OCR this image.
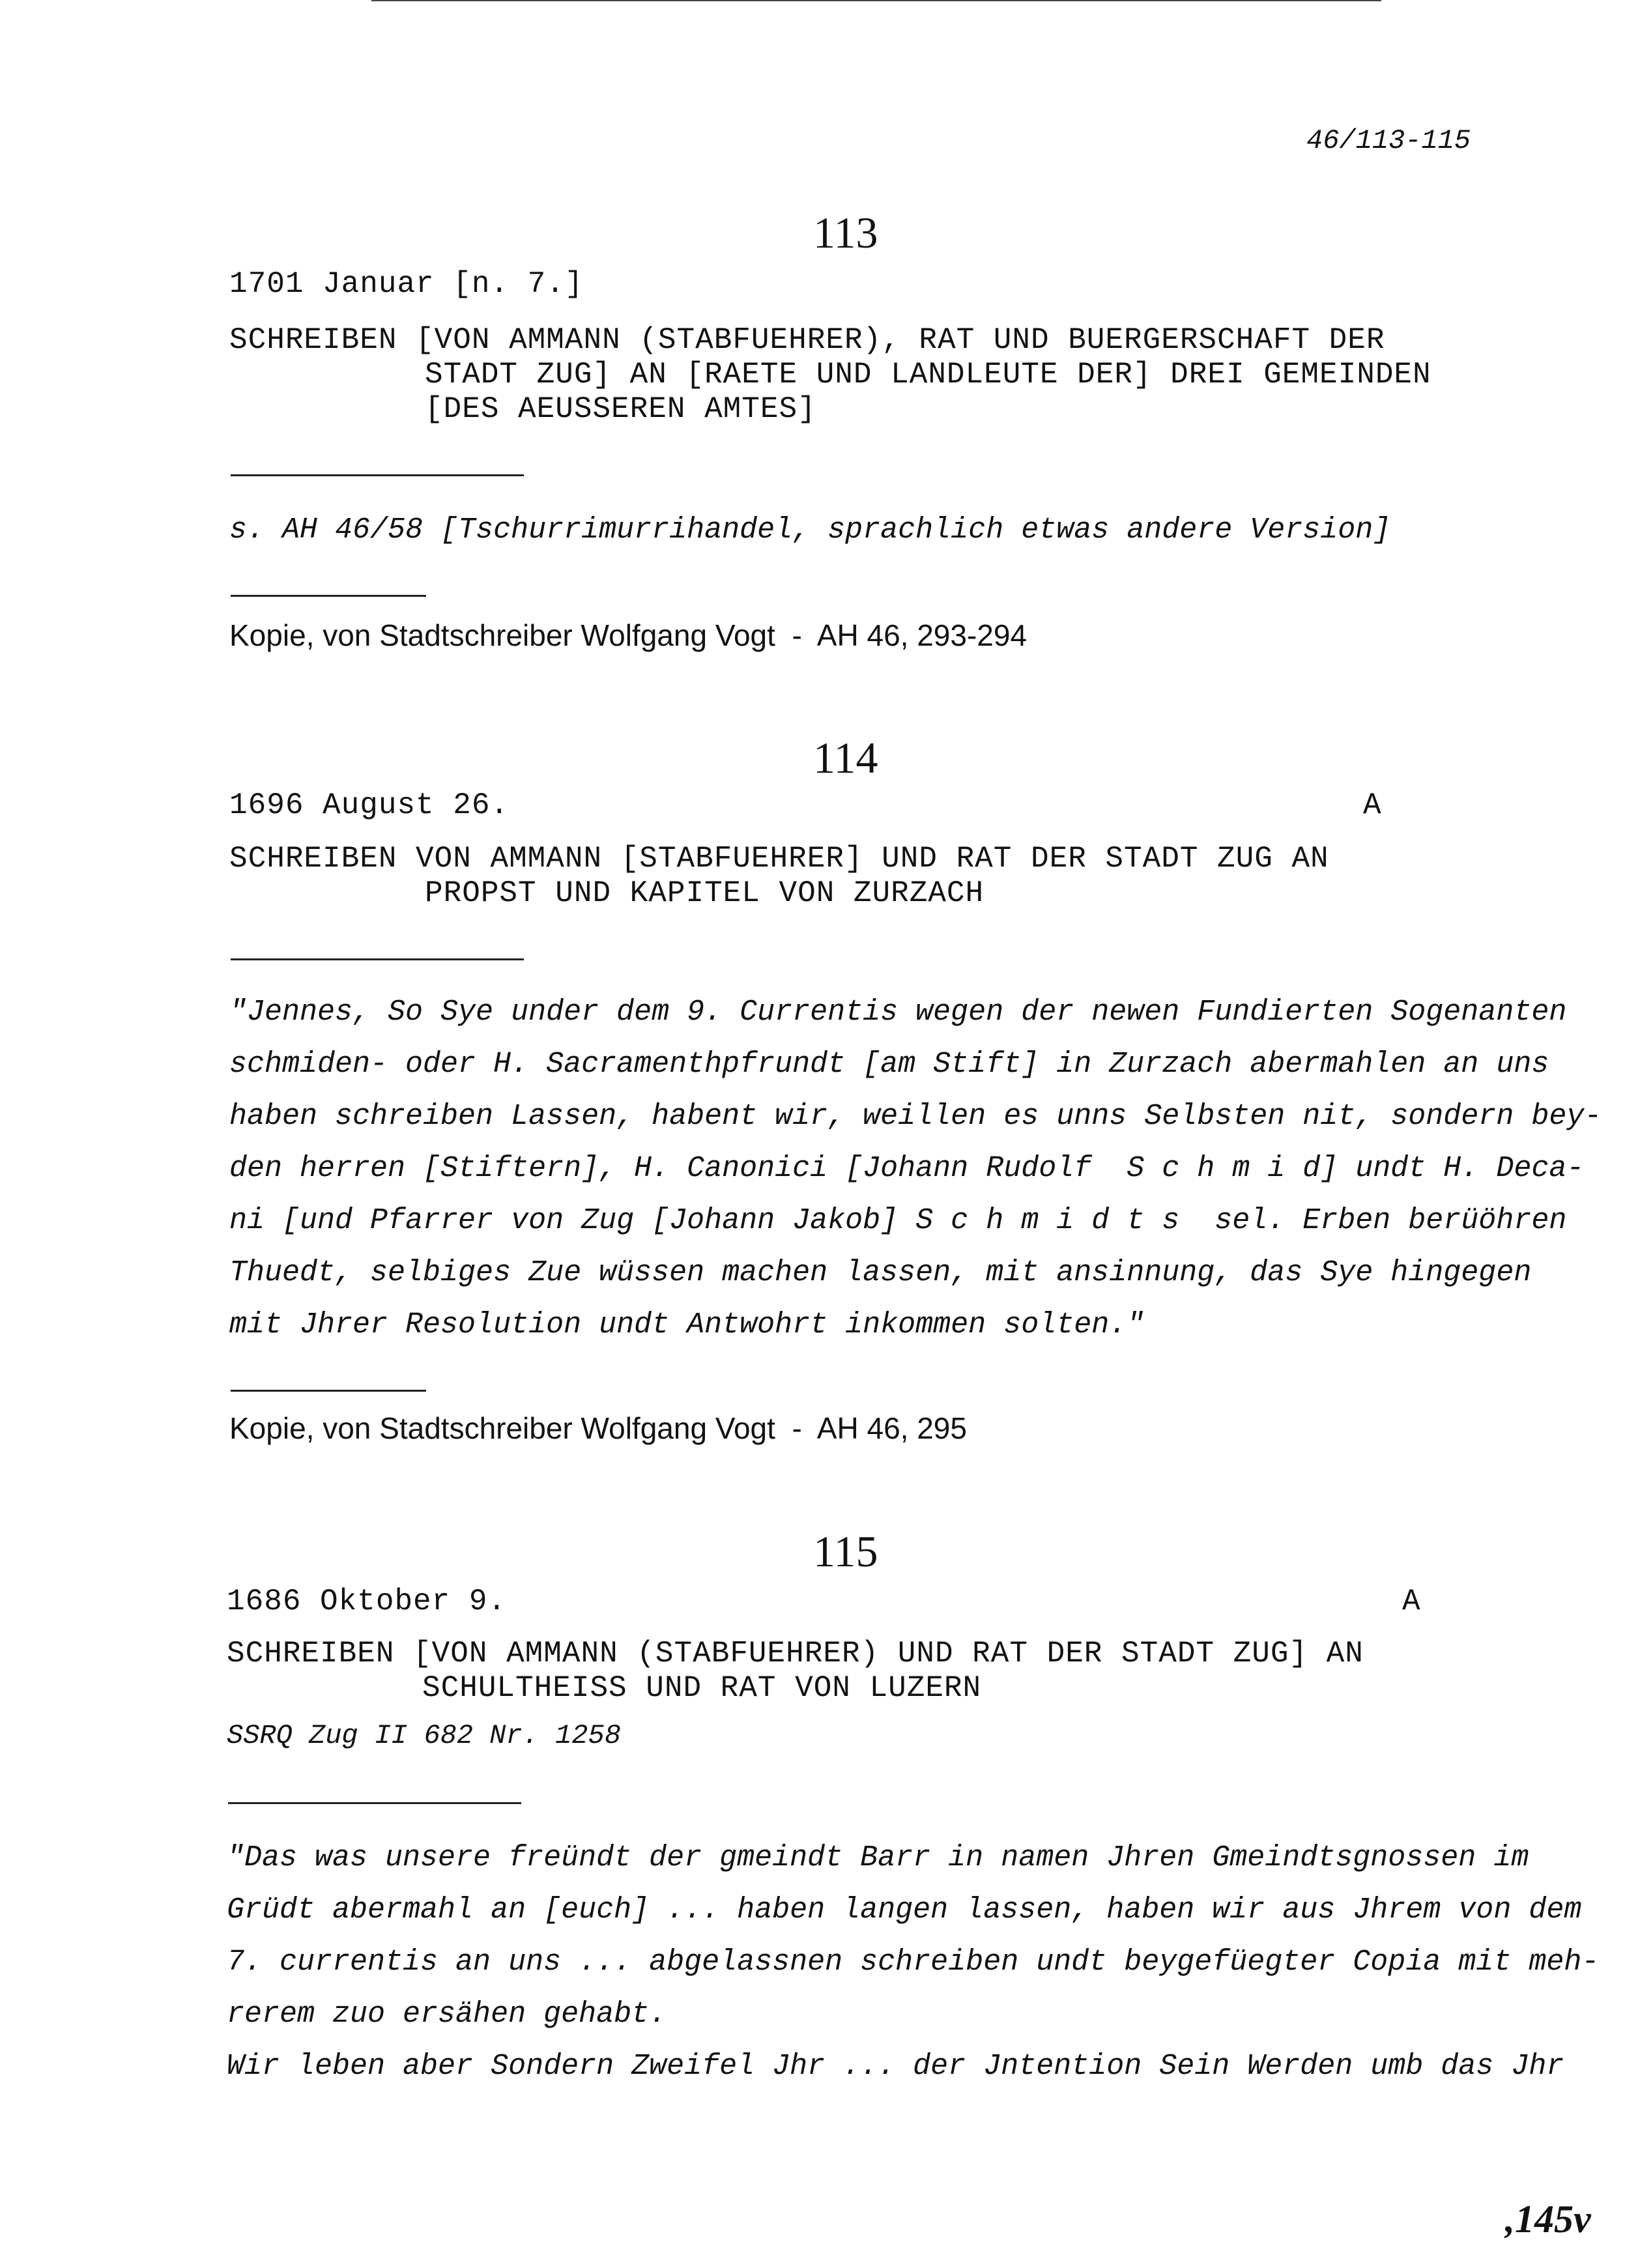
46/113-115
113
1701 Januar [n. 7.]
SCHREIBEN [VON AMMANN (STABFUEHRER), RAT UND BUERGERSCHAFT DER
STADT ZUG] AN [RAETE UND LANDLEUTE DER] DREI GEMEINDEN
[DES AEUSSEREN AMTES]
s. AH 46/58 [Tschurrimurrihandel, sprachlich etwas andere Version]
Kopie, von Stadtschreiber Wolfgang Vogt  -  AH 46, 293-294
114
1696 August 26.	A
SCHREIBEN VON AMMANN [STABFUEHRER] UND RAT DER STADT ZUG AN
PROPST UND KAPITEL VON ZURZACH
"Jennes, So Sye under dem 9. Currentis wegen der newen Fundierten Sogenanten
schmiden- oder H. Sacramenthpfrundt [am Stift] in Zurzach abermahlen an uns
haben schreiben Lassen, habent wir, weillen es unns Selbsten nit, sondern bey-
den herren [Stiftern], H. Canonici [Johann Rudolf  S c h m i d] undt H. Deca-
ni [und Pfarrer von Zug [Johann Jakob] S c h m i d t s  sel. Erben berüöhren
Thuedt, selbiges Zue wüssen machen lassen, mit ansinnung, das Sye hingegen
mit Jhrer Resolution undt Antwohrt inkommen solten."
Kopie, von Stadtschreiber Wolfgang Vogt  -  AH 46, 295
115
1686 Oktober 9.	A
SCHREIBEN [VON AMMANN (STABFUEHRER) UND RAT DER STADT ZUG] AN
SCHULTHEISS UND RAT VON LUZERN
SSRQ Zug II 682 Nr. 1258
"Das was unsere freündt der gmeindt Barr in namen Jhren Gmeindtsgnossen im
Grüdt abermahl an [euch] ... haben langen lassen, haben wir aus Jhrem von dem
7. currentis an uns ... abgelassnen schreiben undt beygefüegter Copia mit meh-
rerem zuo ersähen gehabt.
Wir leben aber Sondern Zweifel Jhr ... der Jntention Sein Werden umb das Jhr
,145v
